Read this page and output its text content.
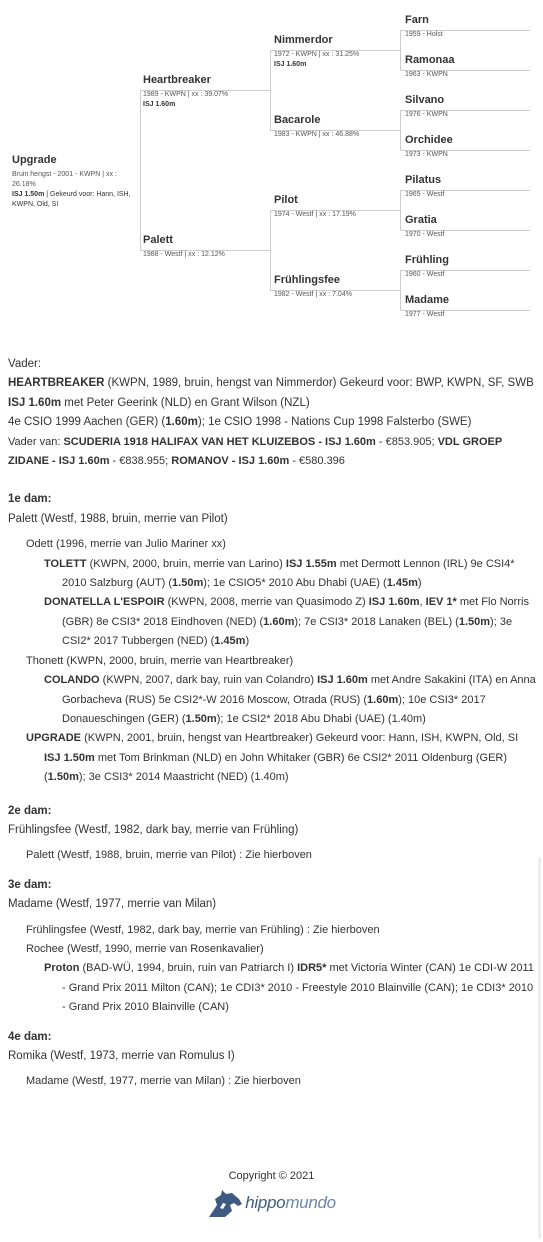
Upgrade
Bruin hengst - 2001 - KWPN | xx : 26.18%
ISJ 1.50m | Gekeurd voor: Hann, ISH, KWPN, Old, SI
Heartbreaker
1989 - KWPN | xx : 39.07%
ISJ 1.60m
Palett
1988 - Westf | xx : 12.12%
Nimmerdor
1972 - KWPN | xx : 31.25%
ISJ 1.60m
Bacarole
1983 - KWPN | xx : 46.88%
Pilot
1974 - Westf | xx : 17.19%
Frühlingsfee
1982 - Westf | xx : 7.04%
Farn
1959 - Holst
Ramonaa
1963 - KWPN
Silvano
1976 - KWPN
Orchidee
1973 - KWPN
Pilatus
1965 - Westf
Gratia
1970 - Westf
Frühling
1960 - Westf
Madame
1977 - Westf

Vader:

HEARTBREAKER (KWPN, 1989, bruin, hengst van Nimmerdor) Gekeurd voor: BWP, KWPN, SF, SWB

ISJ 1.60m met Peter Geerink (NLD) en Grant Wilson (NZL)

4e CSIO 1999 Aachen (GER) (1.60m); 1e CSIO 1998 - Nations Cup 1998 Falsterbo (SWE)

Vader van: SCUDERIA 1918 HALIFAX VAN HET KLUIZEBOS - ISJ 1.60m - €853.905; VDL GROEP ZIDANE - ISJ 1.60m - €838.955; ROMANOV - ISJ 1.60m - €580.396

1e dam:

Palett (Westf, 1988, bruin, merrie van Pilot)

Odett (1996, merrie van Julio Mariner xx)

TOLETT (KWPN, 2000, bruin, merrie van Larino) ISJ 1.55m met Dermott Lennon (IRL) 9e CSI4* 2010 Salzburg (AUT) (1.50m); 1e CSIO5* 2010 Abu Dhabi (UAE) (1.45m)

DONATELLA L'ESPOIR (KWPN, 2008, merrie van Quasimodo Z) ISJ 1.60m, IEV 1* met Flo Norris (GBR) 8e CSI3* 2018 Eindhoven (NED) (1.60m); 7e CSI3* 2018 Lanaken (BEL) (1.50m); 3e CSI2* 2017 Tubbergen (NED) (1.45m)

Thonett (KWPN, 2000, bruin, merrie van Heartbreaker)

COLANDO (KWPN, 2007, dark bay, ruin van Colandro) ISJ 1.60m met Andre Sakakini (ITA) en Anna Gorbacheva (RUS) 5e CSI2*-W 2016 Moscow, Otrada (RUS) (1.60m); 10e CSI3* 2017 Donaueschingen (GER) (1.50m); 1e CSI2* 2018 Abu Dhabi (UAE) (1.40m)

UPGRADE (KWPN, 2001, bruin, hengst van Heartbreaker) Gekeurd voor: Hann, ISH, KWPN, Old, SI ISJ 1.50m met Tom Brinkman (NLD) en John Whitaker (GBR) 6e CSI2* 2011 Oldenburg (GER) (1.50m); 3e CSI3* 2014 Maastricht (NED) (1.40m)

2e dam:

Frühlingsfee (Westf, 1982, dark bay, merrie van Frühling)

Palett (Westf, 1988, bruin, merrie van Pilot) : Zie hierboven

3e dam:

Madame (Westf, 1977, merrie van Milan)

Frühlingsfee (Westf, 1982, dark bay, merrie van Frühling) : Zie hierboven

Rochee (Westf, 1990, merrie van Rosenkavalier)

Proton (BAD-WÜ, 1994, bruin, ruin van Patriarch I) IDR5* met Victoria Winter (CAN) 1e CDI-W 2011 - Grand Prix 2011 Milton (CAN); 1e CDI3* 2010 - Freestyle 2010 Blainville (CAN); 1e CDI3* 2010 - Grand Prix 2010 Blainville (CAN)

4e dam:

Romika (Westf, 1973, merrie van Romulus I)

Madame (Westf, 1977, merrie van Milan) : Zie hierboven

Copyright © 2021
hippomundo
